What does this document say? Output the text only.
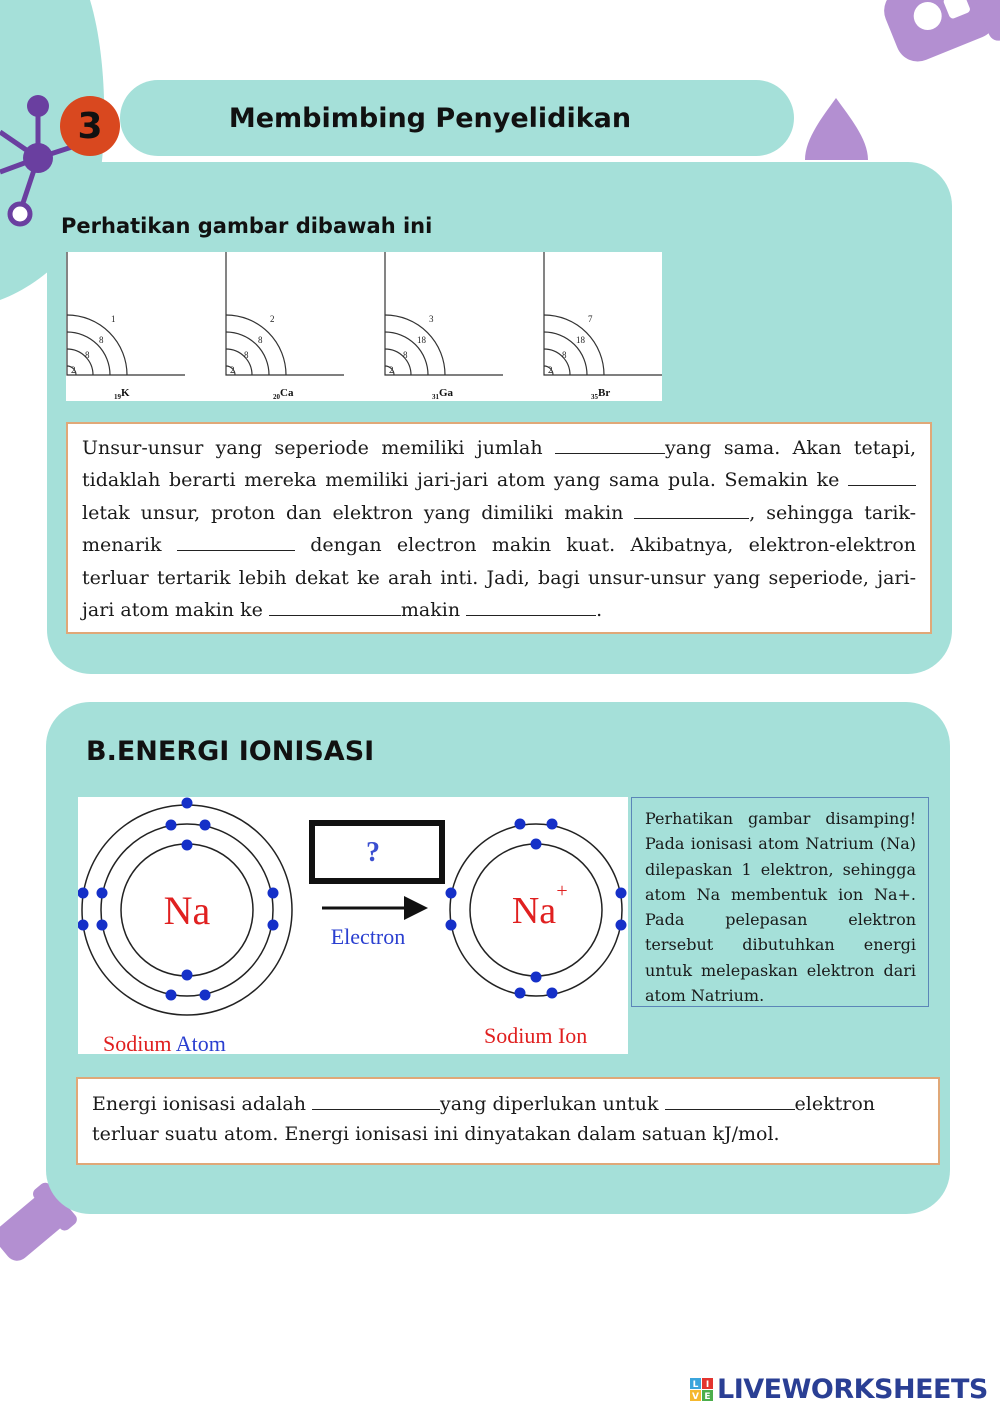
3	Membimbing Penyelidikan
Perhatikan gambar dibawah ini
2
8
8
1
$_{19}$K
2
8
8
2
$_{20}$Ca
2
8
18
3
$_{31}$Ga
2
8
18
7
$_{35}$Br

Unsur-unsur yang seperiode memiliki jumlah	yang sama. Akan tetapi, tidaklah berarti mereka memiliki jari-jari atom yang sama pula. Semakin ke  letak unsur, proton dan elektron yang dimiliki makin	, sehingga tarik-menarik	dengan electron makin kuat. Akibatnya, elektron-elektron terluar tertarik lebih dekat ke arah inti. Jadi, bagi unsur-unsur yang seperiode, jari-jari atom makin ke	makin	.

B.ENERGI IONISASI
Na
?
Electron
Na +
Sodium Atom	Sodium Ion

Perhatikan gambar disamping! Pada ionisasi atom Natrium (Na) dilepaskan 1 elektron, sehingga atom Na membentuk ion Na+. Pada pelepasan elektron tersebut dibutuhkan energi untuk melepaskan elektron dari atom Natrium.

Energi ionisasi adalah	yang diperlukan untuk	elektron terluar suatu atom. Energi ionisasi ini dinyatakan dalam satuan kJ/mol.

L I
V E LIVEWORKSHEETS
